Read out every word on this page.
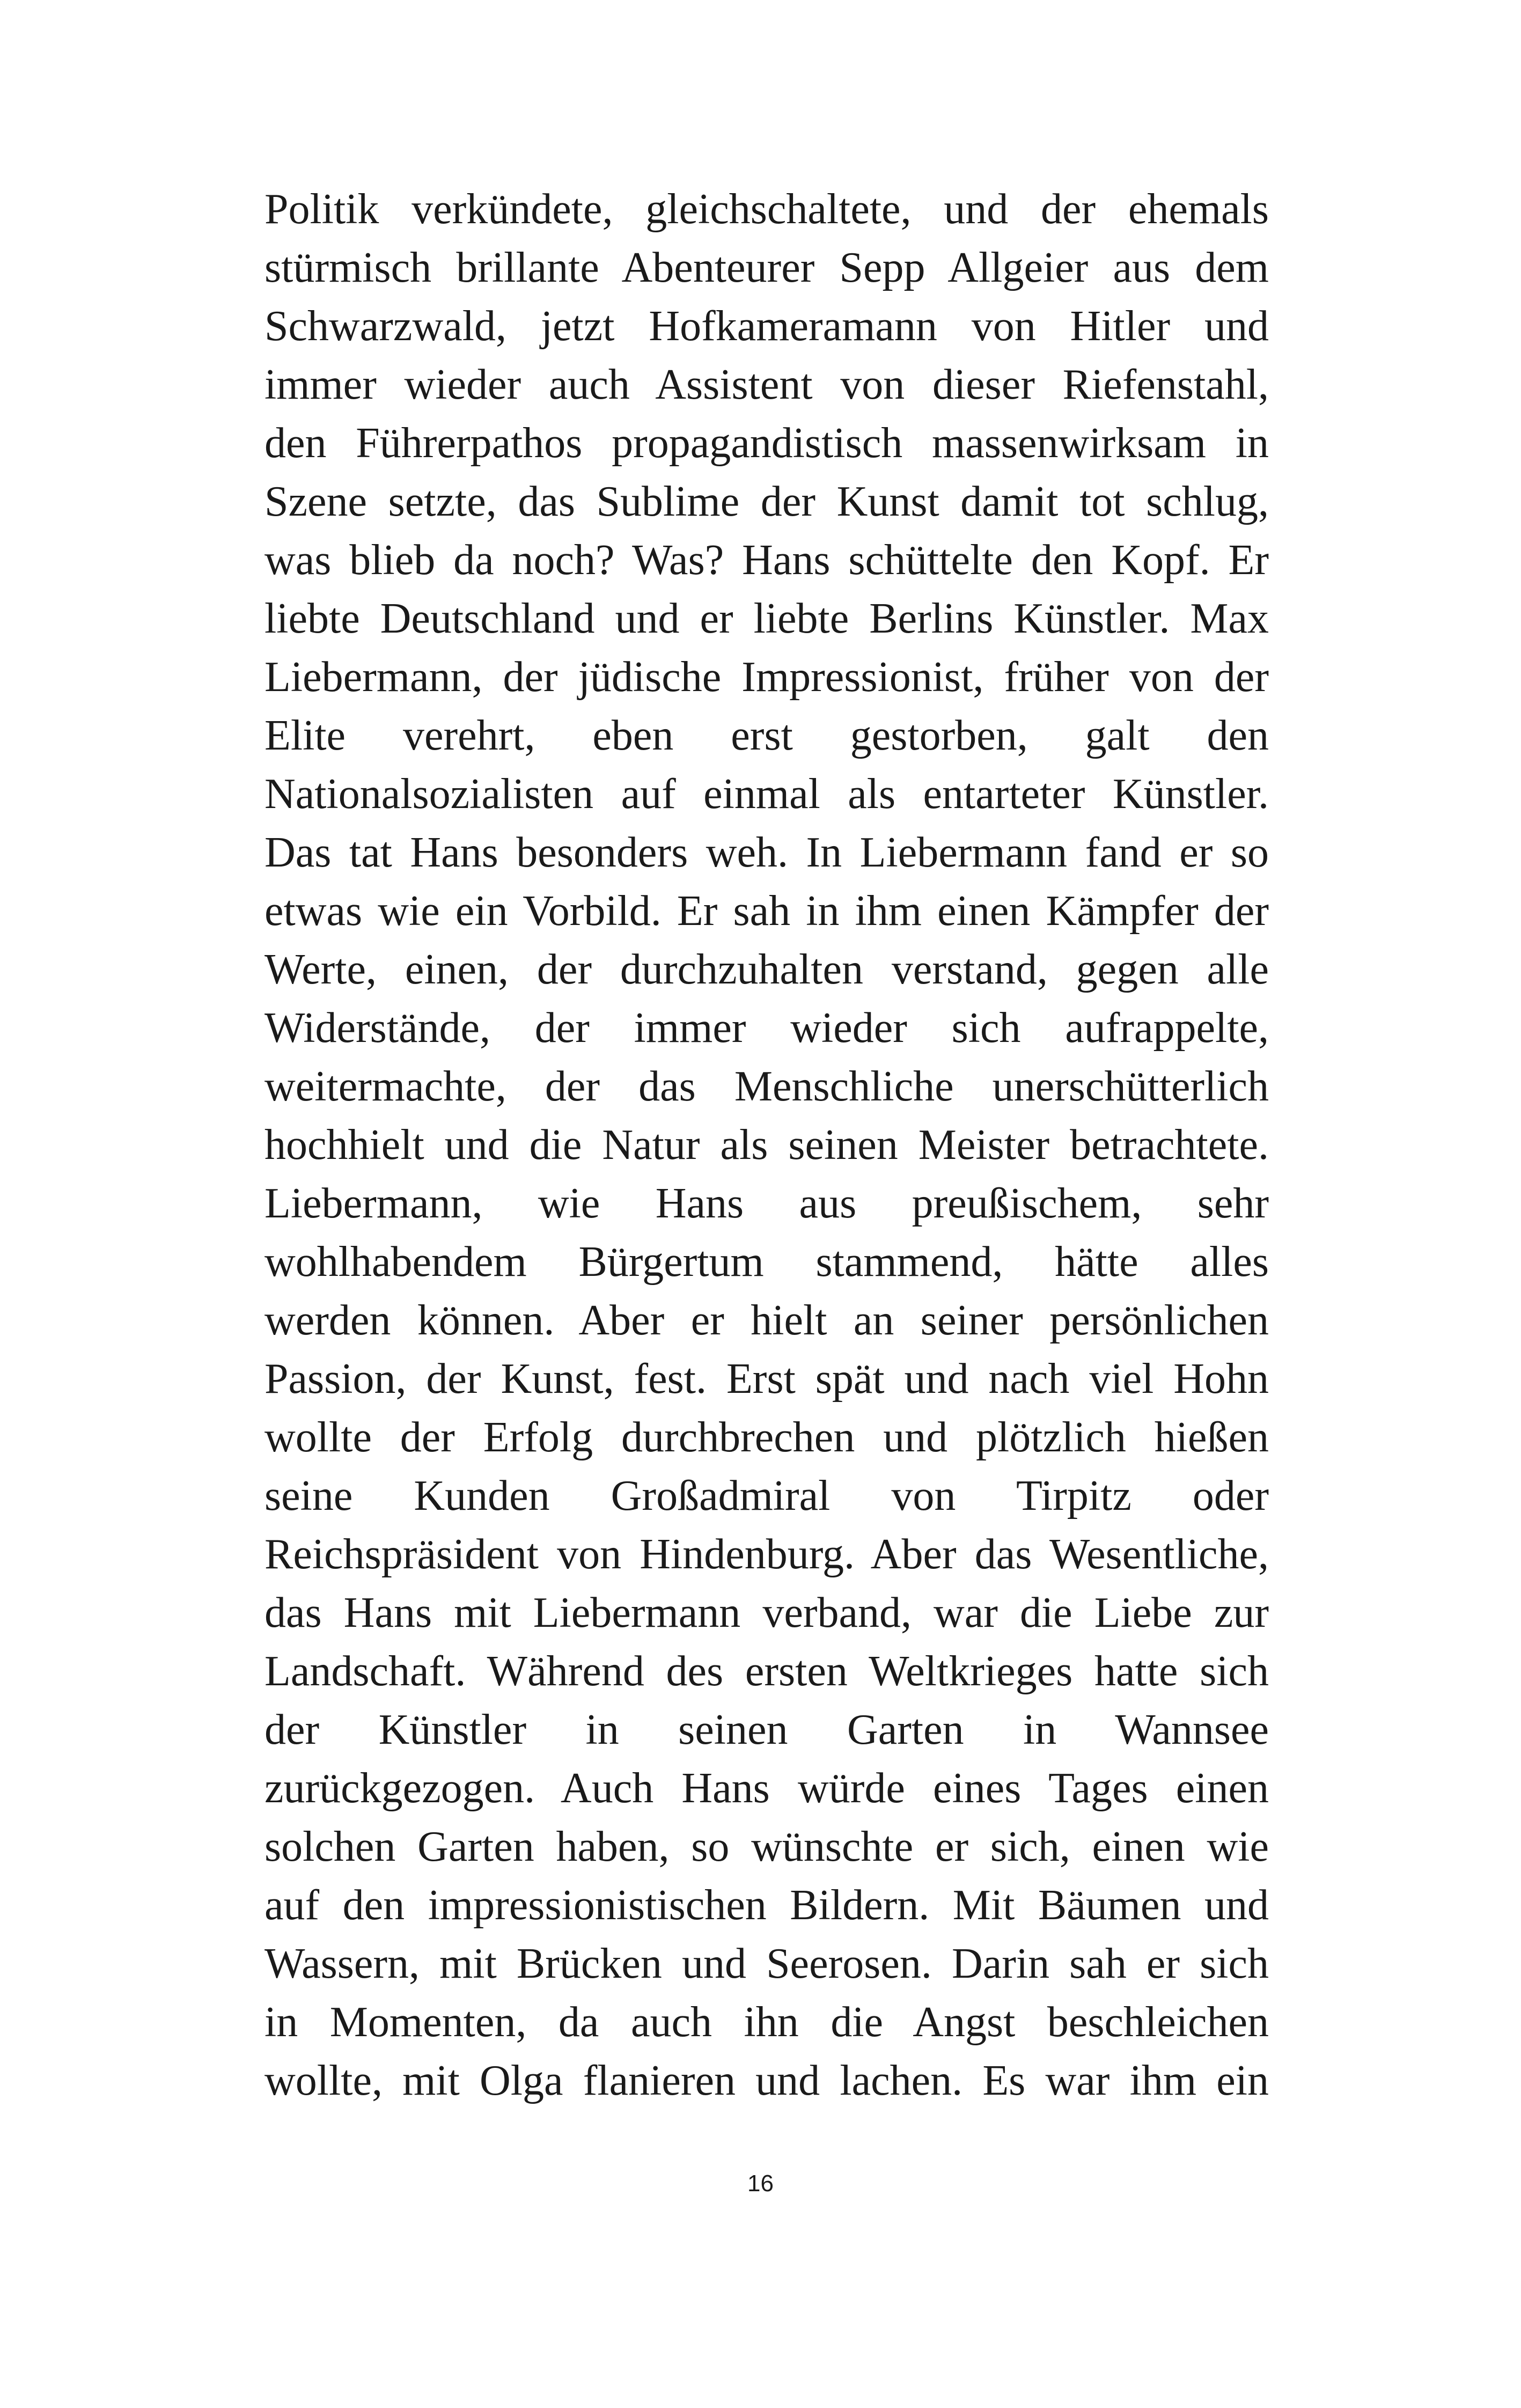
Politik verkündete, gleichschaltete, und der ehemals
stürmisch brillante Abenteurer Sepp Allgeier aus dem
Schwarzwald, jetzt Hofkameramann von Hitler und
immer wieder auch Assistent von dieser Riefenstahl,
den Führerpathos propagandistisch massenwirksam in
Szene setzte, das Sublime der Kunst damit tot schlug,
was blieb da noch? Was? Hans schüttelte den Kopf. Er
liebte Deutschland und er liebte Berlins Künstler. Max
Liebermann, der jüdische Impressionist, früher von der
Elite verehrt, eben erst gestorben, galt den
Nationalsozialisten auf einmal als entarteter Künstler.
Das tat Hans besonders weh. In Liebermann fand er so
etwas wie ein Vorbild. Er sah in ihm einen Kämpfer der
Werte, einen, der durchzuhalten verstand, gegen alle
Widerstände, der immer wieder sich aufrappelte,
weitermachte, der das Menschliche unerschütterlich
hochhielt und die Natur als seinen Meister betrachtete.
Liebermann, wie Hans aus preußischem, sehr
wohlhabendem Bürgertum stammend, hätte alles
werden können. Aber er hielt an seiner persönlichen
Passion, der Kunst, fest. Erst spät und nach viel Hohn
wollte der Erfolg durchbrechen und plötzlich hießen
seine Kunden Großadmiral von Tirpitz oder
Reichspräsident von Hindenburg. Aber das Wesentliche,
das Hans mit Liebermann verband, war die Liebe zur
Landschaft. Während des ersten Weltkrieges hatte sich
der Künstler in seinen Garten in Wannsee
zurückgezogen. Auch Hans würde eines Tages einen
solchen Garten haben, so wünschte er sich, einen wie
auf den impressionistischen Bildern. Mit Bäumen und
Wassern, mit Brücken und Seerosen. Darin sah er sich
in Momenten, da auch ihn die Angst beschleichen
wollte, mit Olga flanieren und lachen. Es war ihm ein
16
